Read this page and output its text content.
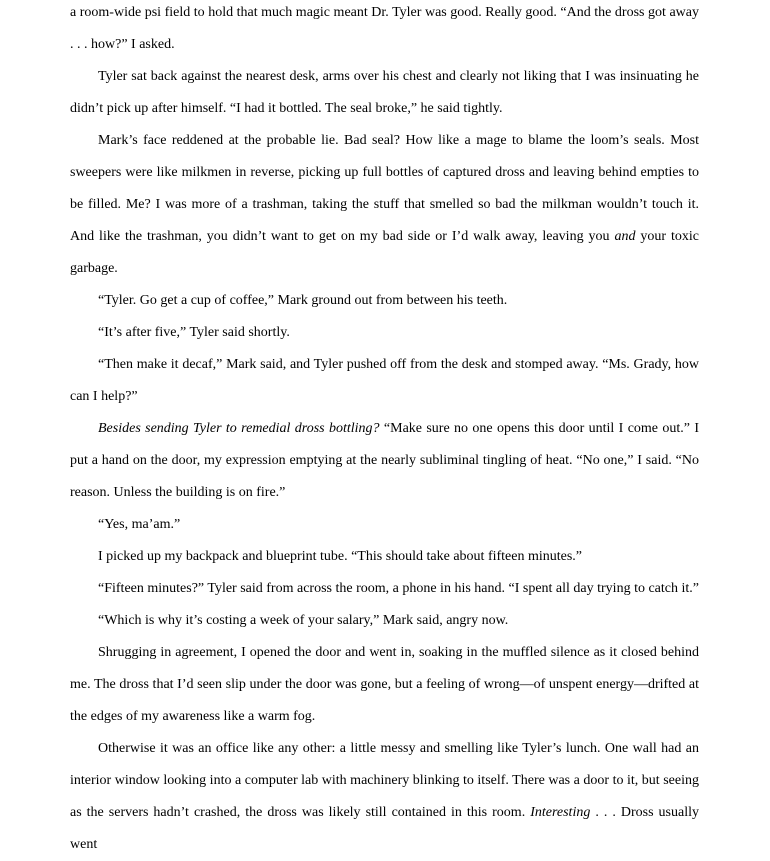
a room-wide psi field to hold that much magic meant Dr. Tyler was good. Really good. “And the dross got away . . . how?” I asked.

Tyler sat back against the nearest desk, arms over his chest and clearly not liking that I was insinuating he didn’t pick up after himself. “I had it bottled. The seal broke,” he said tightly.

Mark’s face reddened at the probable lie. Bad seal? How like a mage to blame the loom’s seals. Most sweepers were like milkmen in reverse, picking up full bottles of captured dross and leaving behind empties to be filled. Me? I was more of a trashman, taking the stuff that smelled so bad the milkman wouldn’t touch it. And like the trashman, you didn’t want to get on my bad side or I’d walk away, leaving you and your toxic garbage.

“Tyler. Go get a cup of coffee,” Mark ground out from between his teeth.

“It’s after five,” Tyler said shortly.

“Then make it decaf,” Mark said, and Tyler pushed off from the desk and stomped away. “Ms. Grady, how can I help?”

Besides sending Tyler to remedial dross bottling? “Make sure no one opens this door until I come out.” I put a hand on the door, my expression emptying at the nearly subliminal tingling of heat. “No one,” I said. “No reason. Unless the building is on fire.”

“Yes, ma’am.”

I picked up my backpack and blueprint tube. “This should take about fifteen minutes.”

“Fifteen minutes?” Tyler said from across the room, a phone in his hand. “I spent all day trying to catch it.”

“Which is why it’s costing a week of your salary,” Mark said, angry now.

Shrugging in agreement, I opened the door and went in, soaking in the muffled silence as it closed behind me. The dross that I’d seen slip under the door was gone, but a feeling of wrong—of unspent energy—drifted at the edges of my awareness like a warm fog.

Otherwise it was an office like any other: a little messy and smelling like Tyler’s lunch. One wall had an interior window looking into a computer lab with machinery blinking to itself. There was a door to it, but seeing as the servers hadn’t crashed, the dross was likely still contained in this room. Interesting . . . Dross usually went
